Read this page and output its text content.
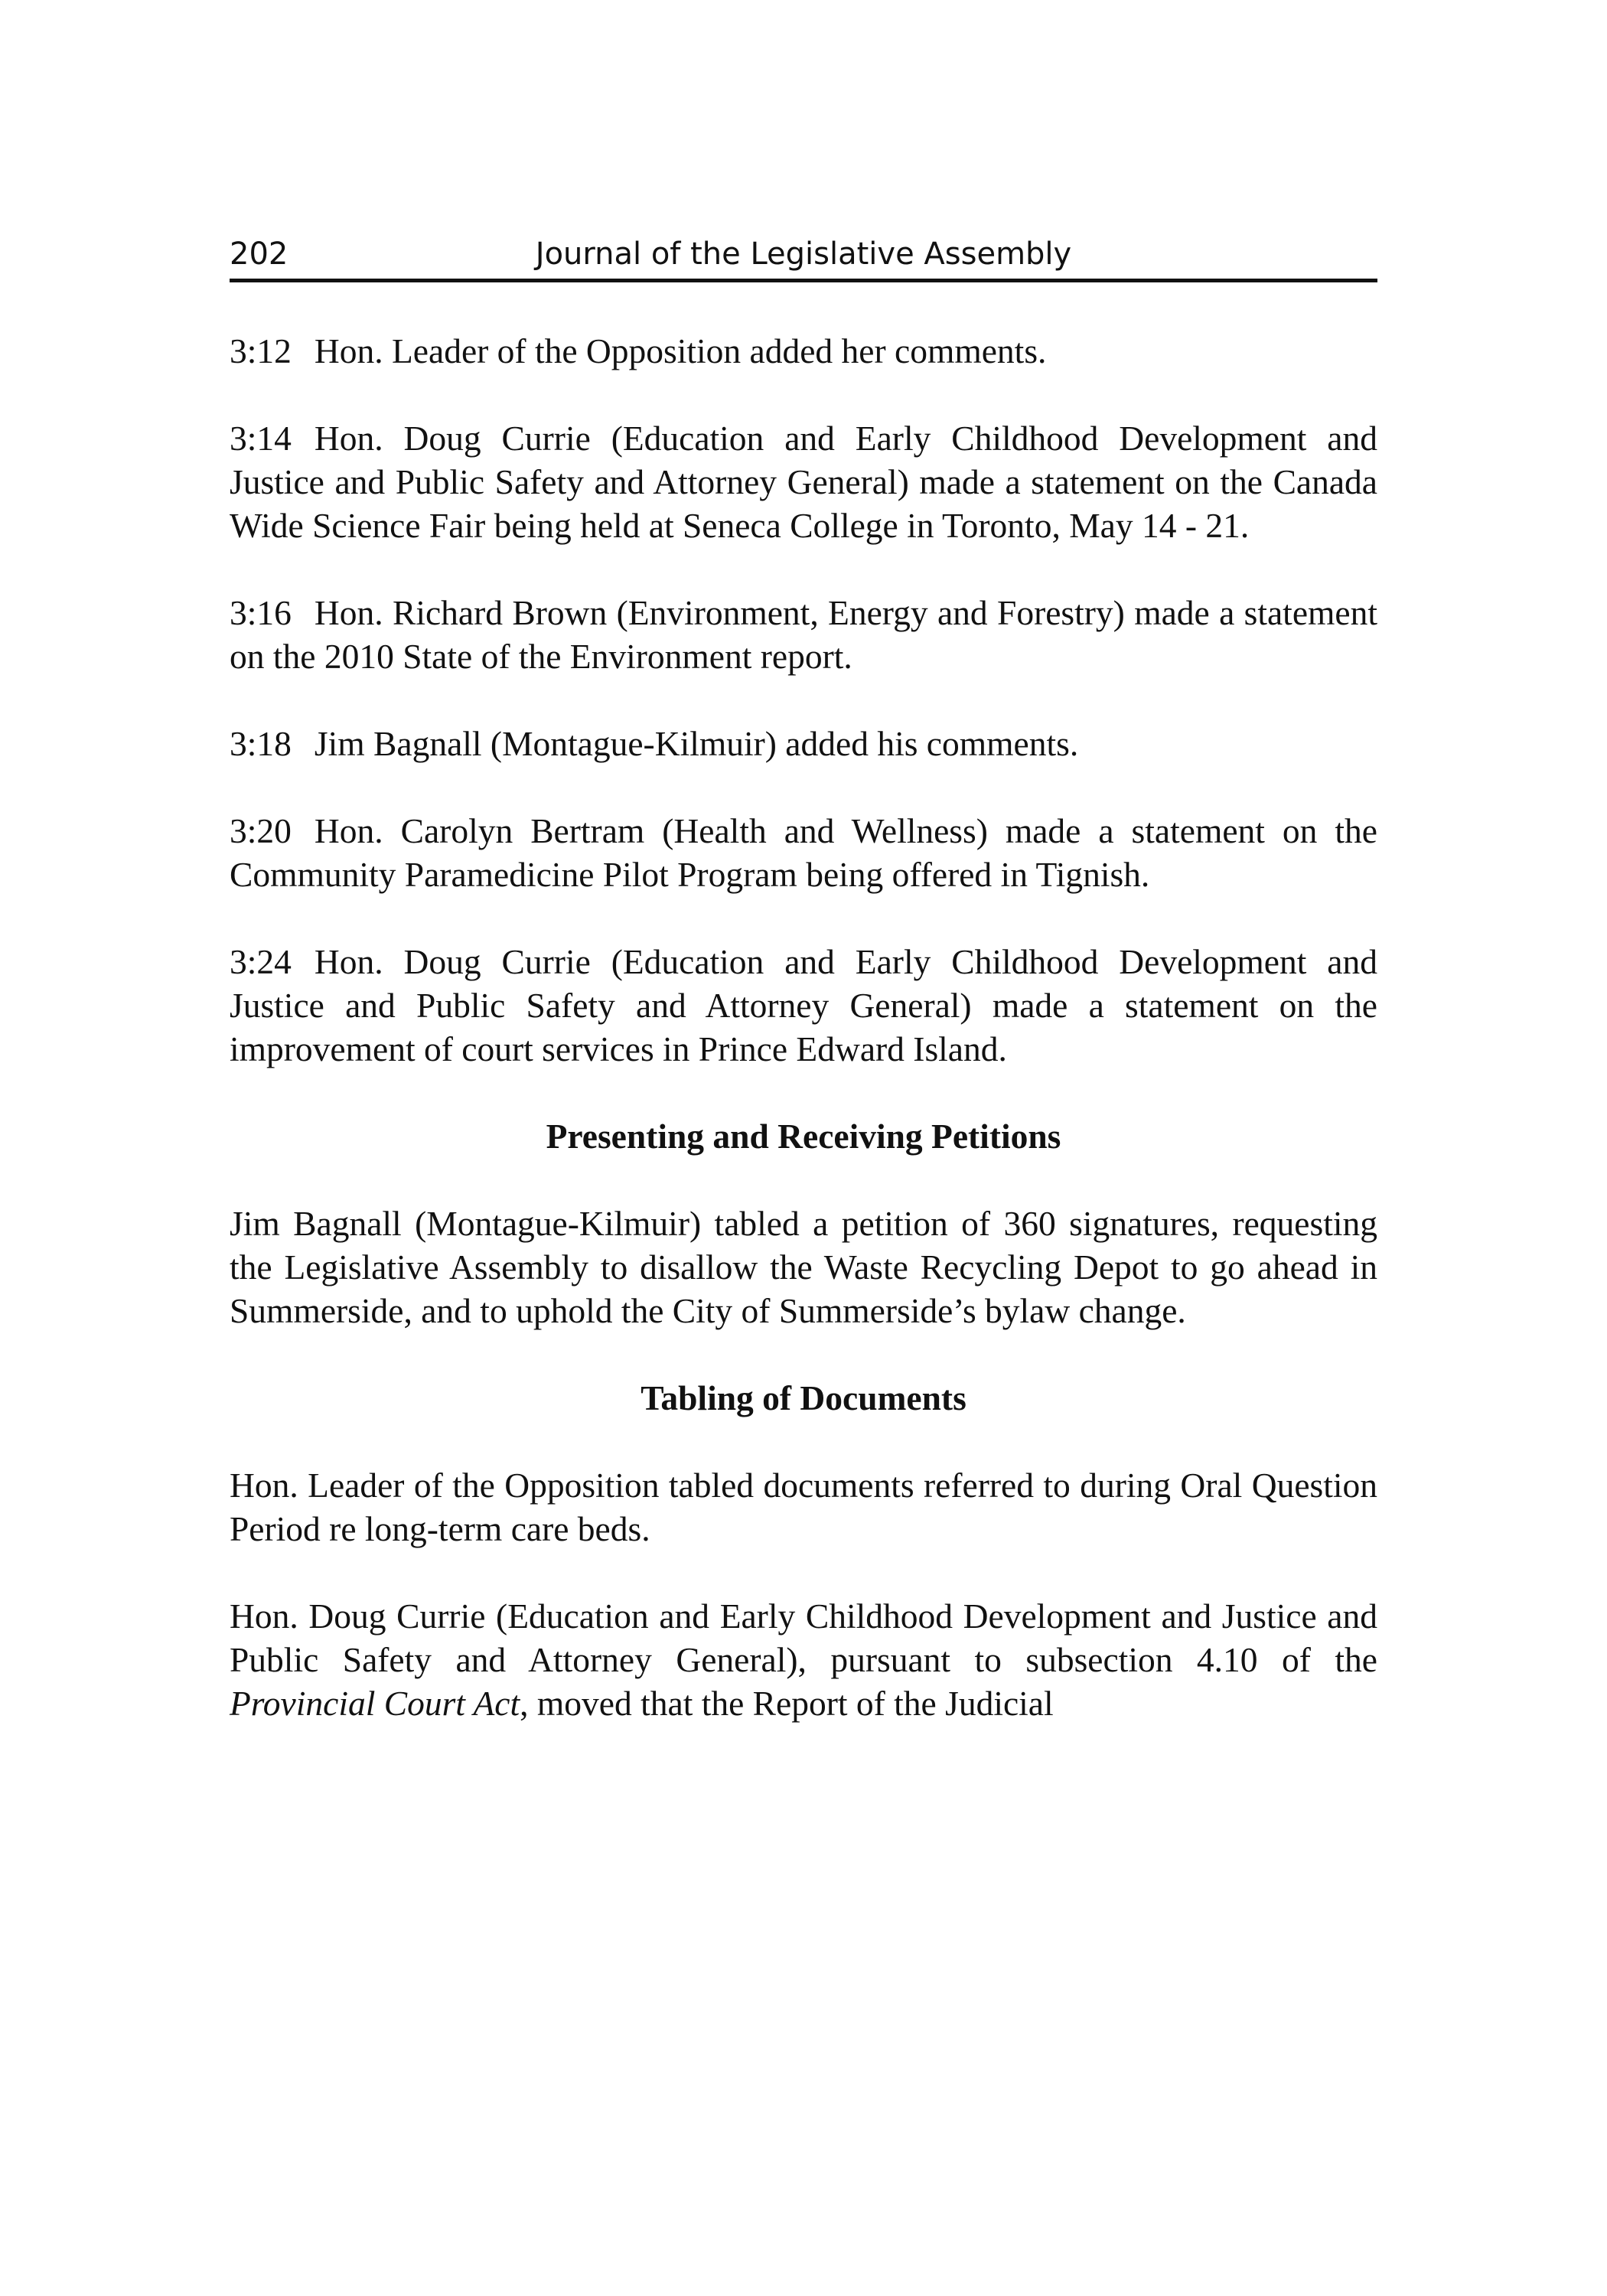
202	Journal of the Legislative Assembly

3:12 Hon. Leader of the Opposition added her comments.

3:14 Hon. Doug Currie (Education and Early Childhood Development and Justice and Public Safety and Attorney General) made a statement on the Canada Wide Science Fair being held at Seneca College in Toronto, May 14 - 21.

3:16 Hon. Richard Brown (Environment, Energy and Forestry) made a statement on the 2010 State of the Environment report.

3:18 Jim Bagnall (Montague-Kilmuir) added his comments.

3:20 Hon. Carolyn Bertram (Health and Wellness) made a statement on the Community Paramedicine Pilot Program being offered in Tignish.

3:24 Hon. Doug Currie (Education and Early Childhood Development and Justice and Public Safety and Attorney General) made a statement on the improvement of court services in Prince Edward Island.

Presenting and Receiving Petitions

Jim Bagnall (Montague-Kilmuir) tabled a petition of 360 signatures, requesting the Legislative Assembly to disallow the Waste Recycling Depot to go ahead in Summerside, and to uphold the City of Summerside’s bylaw change.

Tabling of Documents

Hon. Leader of the Opposition tabled documents referred to during Oral Question Period re long-term care beds.

Hon. Doug Currie (Education and Early Childhood Development and Justice and Public Safety and Attorney General), pursuant to subsection 4.10 of the Provincial Court Act, moved that the Report of the Judicial
